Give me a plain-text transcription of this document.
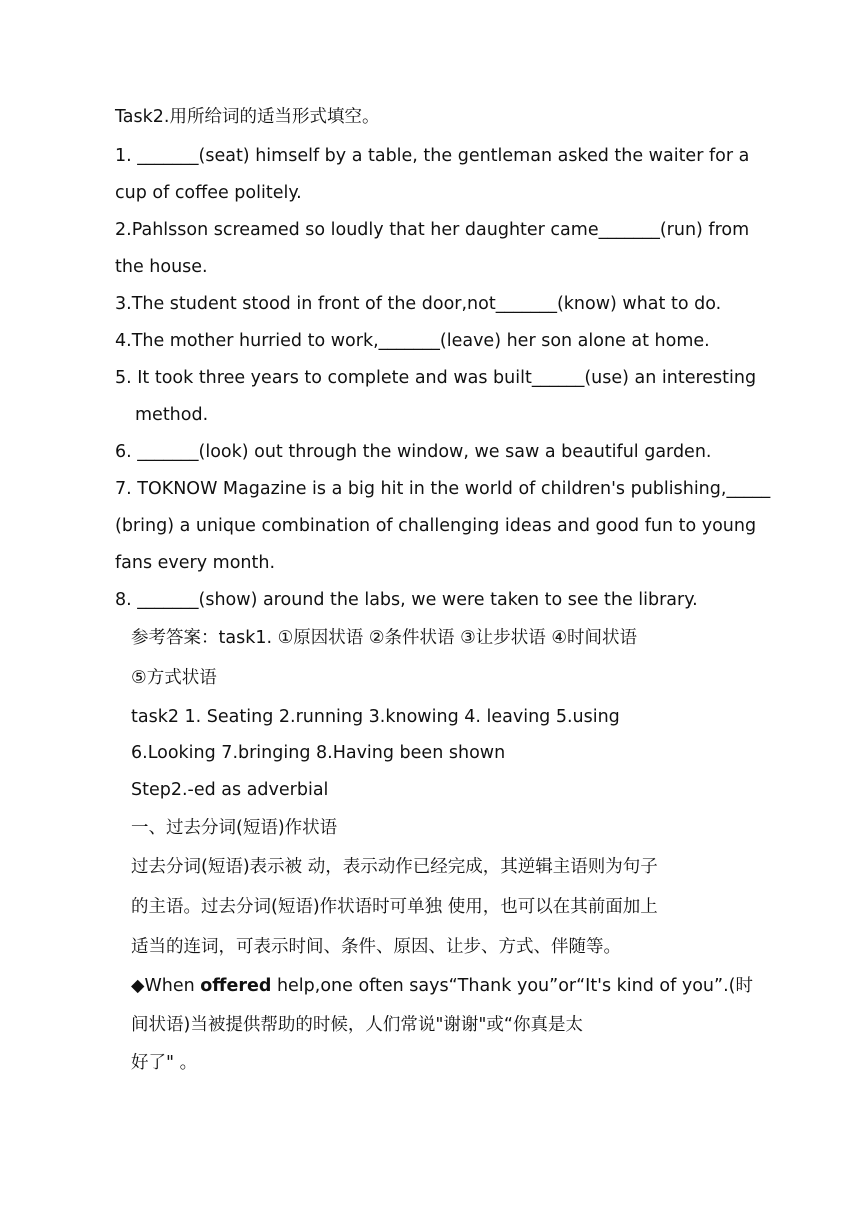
Task2.用所给词的适当形式填空。
1. _______(seat) himself by a table, the gentleman asked the waiter for a
cup of coffee politely.
2.Pahlsson screamed so loudly that her daughter came_______(run) from
the house.
3.The student stood in front of the door,not_______(know) what to do.
4.The mother hurried to work,_______(leave) her son alone at home.
5. It took three years to complete and was built______(use) an interesting
method.
6. _______(look) out through the window, we saw a beautiful garden.
7. TOKNOW Magazine is a big hit in the world of children's publishing,_____
(bring) a unique combination of challenging ideas and good fun to young
fans every month.
8. _______(show) around the labs, we were taken to see the library.
参考答案：task1. ①原因状语 ②条件状语 ③让步状语 ④时间状语
⑤方式状语
task2 1. Seating 2.running 3.knowing 4. leaving 5.using
6.Looking 7.bringing 8.Having been shown
Step2.-ed as adverbial
一、过去分词(短语)作状语
过去分词(短语)表示被 动，表示动作已经完成，其逆辑主语则为句子
的主语。过去分词(短语)作状语时可单独 使用，也可以在其前面加上
适当的连词，可表示时间、条件、原因、让步、方式、伴随等。
◆When offered help,one often says“Thank you”or“It's kind of you”.(时
间状语)当被提供帮助的时候，人们常说"谢谢"或“你真是太
好了" 。
